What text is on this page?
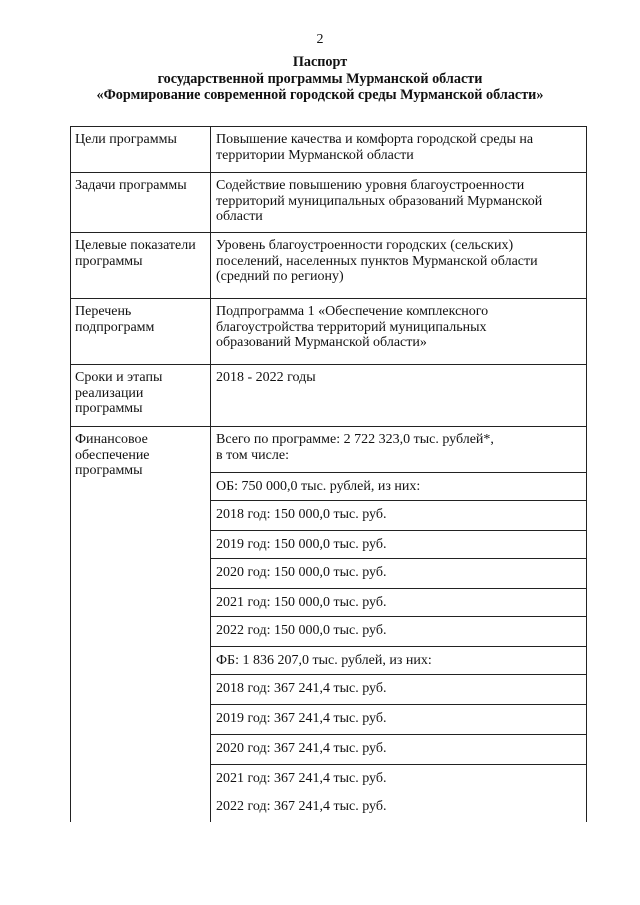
2
Паспорт
государственной программы Мурманской области
«Формирование современной городской среды Мурманской области»
Цели программы	Повышение качества и комфорта городской среды на
территории Мурманской области
Задачи программы Содействие повышению уровня благоустроенности
территорий муниципальных образований Мурманской
области
Целевые показатели
программы
Уровень благоустроенности городских (сельских)
поселений, населенных пунктов Мурманской области
(средний по региону)
Перечень
подпрограмм
Подпрограмма 1 «Обеспечение комплексного
благоустройства территорий муниципальных
образований Мурманской области»
Сроки и этапы
реализации
программы
2018 - 2022 годы
Финансовое
обеспечение
программы
Всего по программе: 2 722 323,0 тыс. рублей*,
в том числе:
ОБ: 750 000,0 тыс. рублей, из них:
2018 год: 150 000,0 тыс. руб.
2019 год: 150 000,0 тыс. руб.
2020 год: 150 000,0 тыс. руб.
2021 год: 150 000,0 тыс. руб.
2022 год: 150 000,0 тыс. руб.
ФБ: 1 836 207,0 тыс. рублей, из них:
2018 год: 367 241,4 тыс. руб.
2019 год: 367 241,4 тыс. руб.
2020 год: 367 241,4 тыс. руб.
2021 год: 367 241,4 тыс. руб.
2022 год: 367 241,4 тыс. руб.
